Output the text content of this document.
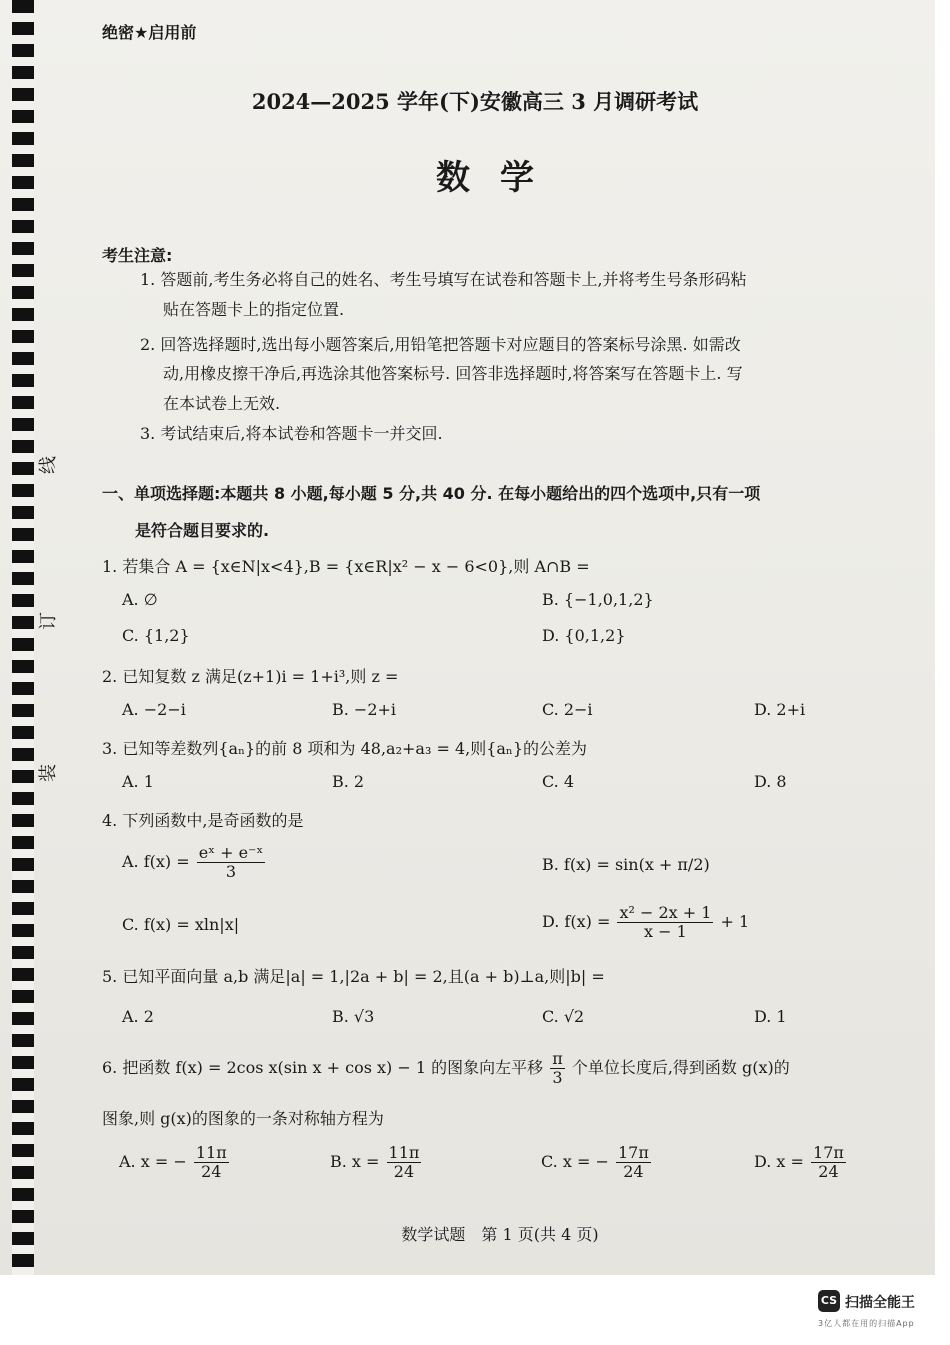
线
订
装
绝密★启用前
2024—2025 学年(下)安徽高三 3 月调研考试
数学
考生注意:
1. 答题前,考生务必将自己的姓名、考生号填写在试卷和答题卡上,并将考生号条形码粘
贴在答题卡上的指定位置.
2. 回答选择题时,选出每小题答案后,用铅笔把答题卡对应题目的答案标号涂黑. 如需改
动,用橡皮擦干净后,再选涂其他答案标号. 回答非选择题时,将答案写在答题卡上. 写
在本试卷上无效.
3. 考试结束后,将本试卷和答题卡一并交回.
一、单项选择题:本题共 8 小题,每小题 5 分,共 40 分. 在每小题给出的四个选项中,只有一项
是符合题目要求的.
1. 若集合 A = {x∈N|x<4},B = {x∈R|x² − x − 6<0},则 A∩B =
A. ∅	B. {−1,0,1,2}
C. {1,2}	D. {0,1,2}
2. 已知复数 z 满足(z+1)i = 1+i³,则 z =
A. −2−i	B. −2+i	C. 2−i	D. 2+i
3. 已知等差数列{aₙ}的前 8 项和为 48,a₂+a₃ = 4,则{aₙ}的公差为
A. 1	B. 2	C. 4	D. 8
4. 下列函数中,是奇函数的是
A. $f(x) = \frac{\text{eˣ + e⁻ˣ}}{3}$	B. f(x) = sin(x + π/2)
C. f(x) = xln|x|	D. $f(x) = \frac{\text{x² − 2x + 1}}{x - 1} + 1$
5. 已知平面向量 a,b 满足|a| = 1,|2a + b| = 2,且(a + b)⊥a,则|b| =
A. 2	B. √3	C. √2	D. 1
6. 把函数 f(x) = 2cos x(sin x + cos x) − 1 的图象向左平移 $\frac{\pi}{3}$ 个单位长度后,得到函数 g(x)的
图象,则 g(x)的图象的一条对称轴方程为
A. x = − $\frac{11\pi}{24}$	B. $x = \frac{11\pi}{24}$	C. x = − $\frac{17\pi}{24}$	D. $x = \frac{17\pi}{24}$
数学试题　第 1 页(共 4 页)
CS 扫描全能王
3亿人都在用的扫描App
